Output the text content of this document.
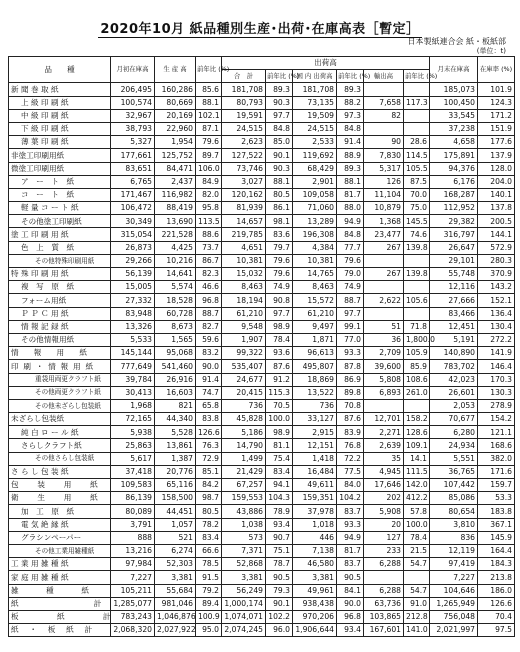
2020年10月 紙品種別生産･出荷･在庫高表［暫定］
日本製紙連合会 紙・板紙部
(単位：t)
品　　種	月初在庫高	生 産 高	前年比 (%)	出荷高						月末在庫高	在庫率 (%)
				合　計	前年比 (%)	国 内 出荷高	前年比 (%)	輸出高	前年比 (%)		

新 聞 巻 取 紙	206,495	160,286	85.6	181,708	89.3	181,708	89.3			185,073	101.9

上 級 印 刷 紙	100,574	80,669	88.1	80,793	90.3	73,135	88.2	7,658	117.3	100,450	124.3

中 級 印 刷 紙	32,967	20,169	102.1	19,591	97.7	19,509	97.3	82		33,545	171.2

下 級 印 刷 紙	38,793	22,960	87.1	24,515	84.8	24,515	84.8			37,238	151.9

薄 葉 印 刷 紙	5,327	1,954	79.6	2,623	85.0	2,533	91.4	90	28.6	4,658	177.6

非塗工印刷用紙	177,661	125,752	89.7	127,522	90.1	119,692	88.9	7,830	114.5	175,891	137.9

微塗工印刷用紙	83,651	84,471	106.0	73,746	90.3	68,429	89.3	5,317	105.5	94,376	128.0

ア　ー　ト　紙	6,765	2,437	84.9	3,027	88.1	2,901	88.1	126	87.5	6,176	204.0

コ　ー　ト　紙	171,467	116,982	82.0	120,162	80.5	109,058	81.7	11,104	70.0	168,287	140.1

軽 量 コ ー ト 紙	106,472	88,419	95.8	81,939	86.1	71,060	88.0	10,879	75.0	112,952	137.8

その他塗工印刷紙	30,349	13,690	113.5	14,657	98.1	13,289	94.9	1,368	145.5	29,382	200.5

塗 工 印 刷 用 紙	315,054	221,528	88.6	219,785	83.6	196,308	84.8	23,477	74.6	316,797	144.1

色　上　質　紙	26,873	4,425	73.7	4,651	79.7	4,384	77.7	267	139.8	26,647	572.9

その他特殊印刷用紙	29,266	10,216	86.7	10,381	79.6	10,381	79.6			29,101	280.3

特 殊 印 刷 用 紙	56,139	14,641	82.3	15,032	79.6	14,765	79.0	267	139.8	55,748	370.9

複　写　原　紙	15,005	5,574	46.6	8,463	74.9	8,463	74.9			12,116	143.2

フォーム用紙	27,332	18,528	96.8	18,194	90.8	15,572	88.7	2,622	105.6	27,666	152.1

Ｐ Ｐ Ｃ 用 紙	83,948	60,728	88.7	61,210	97.7	61,210	97.7			83,466	136.4

情 報 記 録 紙	13,326	8,673	82.7	9,548	98.9	9,497	99.1	51	71.8	12,451	130.4

その他情報用紙	5,533	1,565	59.6	1,907	78.4	1,871	77.0	36	1,800.0	5,191	272.2

情　　報　　用　　紙	145,144	95,068	83.2	99,322	93.6	96,613	93.3	2,709	105.9	140,890	141.9

印 刷 ・ 情 報 用 紙	777,649	541,460	90.0	535,407	87.6	495,807	87.8	39,600	85.9	783,702	146.4

重袋用両更クラフト紙	39,784	26,916	91.4	24,677	91.2	18,869	86.9	5,808	108.6	42,023	170.3

その他両更クラフト紙	30,413	16,603	74.7	20,415	115.3	13,522	89.8	6,893	261.0	26,601	130.3

その他未ざらし包装紙	1,968	821	65.8	736	70.5	736	70.8			2,053	278.9

未ざらし包装紙	72,165	44,340	83.8	45,828	100.0	33,127	87.6	12,701	158.2	70,677	154.2

純 白 ロ ー ル 紙	5,938	5,528	126.6	5,186	98.9	2,915	83.9	2,271	128.6	6,280	121.1

さらしクラフト紙	25,863	13,861	76.3	14,790	81.1	12,151	76.8	2,639	109.1	24,934	168.6

その他さらし包装紙	5,617	1,387	72.9	1,499	75.4	1,418	72.2	35	14.1	5,551	382.0

さ ら し 包 装 紙	37,418	20,776	85.1	21,429	83.4	16,484	77.5	4,945	111.5	36,765	171.6

包　　装　　用　　紙	109,583	65,116	84.2	67,257	94.1	49,611	84.0	17,646	142.0	107,442	159.7

衛　　生　　用　　紙	86,139	158,500	98.7	159,553	104.3	159,351	104.2	202	412.2	85,086	53.3

加　工　原　紙	80,089	44,451	80.5	43,886	78.9	37,978	83.7	5,908	57.8	80,654	183.8

電 気 絶 縁 紙	3,791	1,057	78.2	1,038	93.4	1,018	93.3	20	100.0	3,810	367.1

グラシンペーパー	888	521	83.4	573	90.7	446	94.9	127	78.4	836	145.9

その他工業用雑種紙	13,216	6,274	66.6	7,371	75.1	7,138	81.7	233	21.5	12,119	164.4

工 業 用 雑 種 紙	97,984	52,303	78.5	52,868	78.7	46,580	83.7	6,288	54.7	97,419	184.3

家 庭 用 雑 種 紙	7,227	3,381	91.5	3,381	90.5	3,381	90.5			7,227	213.8

雑　　　種　　　紙	105,211	55,684	79.2	56,249	79.3	49,961	84.1	6,288	54.7	104,646	186.0

紙　　　　　　　　計	1,285,077	981,046	89.4	1,000,174	90.1	938,438	90.0	63,736	91.0	1,265,949	126.6

板　　　　紙　　　　計	783,243	1,046,876	100.9	1,074,071	102.2	970,206	96.8	103,865	212.8	756,048	70.4

紙　・　板　紙　計	2,068,320	2,027,922	95.0	2,074,245	96.0	1,906,644	93.4	167,601	141.0	2,021,997	97.5
